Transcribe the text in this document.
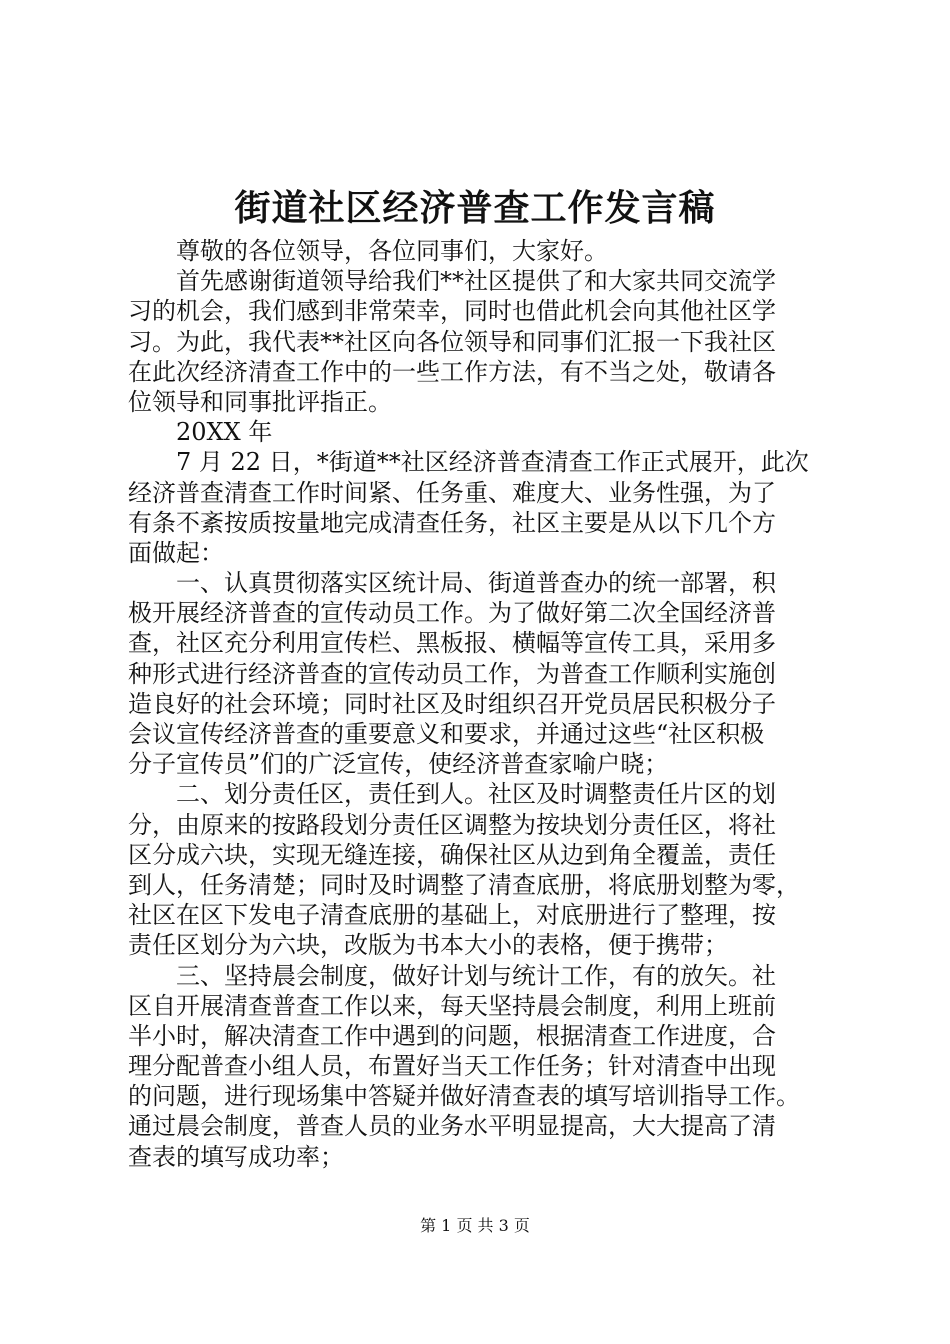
街道社区经济普查工作发言稿
　　尊敬的各位领导，各位同事们，大家好。
　　首先感谢街道领导给我们**社区提供了和大家共同交流学
习的机会，我们感到非常荣幸，同时也借此机会向其他社区学
习。为此，我代表**社区向各位领导和同事们汇报一下我社区
在此次经济清查工作中的一些工作方法，有不当之处，敬请各
位领导和同事批评指正。
　　20XX 年
　　7 月 22 日，*街道**社区经济普查清查工作正式展开，此次
经济普查清查工作时间紧、任务重、难度大、业务性强，为了
有条不紊按质按量地完成清查任务，社区主要是从以下几个方
面做起：
　　一、认真贯彻落实区统计局、街道普查办的统一部署，积
极开展经济普查的宣传动员工作。为了做好第二次全国经济普
查，社区充分利用宣传栏、黑板报、横幅等宣传工具，采用多
种形式进行经济普查的宣传动员工作，为普查工作顺利实施创
造良好的社会环境；同时社区及时组织召开党员居民积极分子
会议宣传经济普查的重要意义和要求，并通过这些“社区积极
分子宣传员”们的广泛宣传，使经济普查家喻户晓；
　　二、划分责任区，责任到人。社区及时调整责任片区的划
分，由原来的按路段划分责任区调整为按块划分责任区，将社
区分成六块，实现无缝连接，确保社区从边到角全覆盖，责任
到人，任务清楚；同时及时调整了清查底册，将底册划整为零，
社区在区下发电子清查底册的基础上，对底册进行了整理，按
责任区划分为六块，改版为书本大小的表格，便于携带；
　　三、坚持晨会制度，做好计划与统计工作，有的放矢。社
区自开展清查普查工作以来，每天坚持晨会制度，利用上班前
半小时，解决清查工作中遇到的问题，根据清查工作进度，合
理分配普查小组人员，布置好当天工作任务；针对清查中出现
的问题，进行现场集中答疑并做好清查表的填写培训指导工作。
通过晨会制度，普查人员的业务水平明显提高，大大提高了清
查表的填写成功率；
第 1 页 共 3 页
